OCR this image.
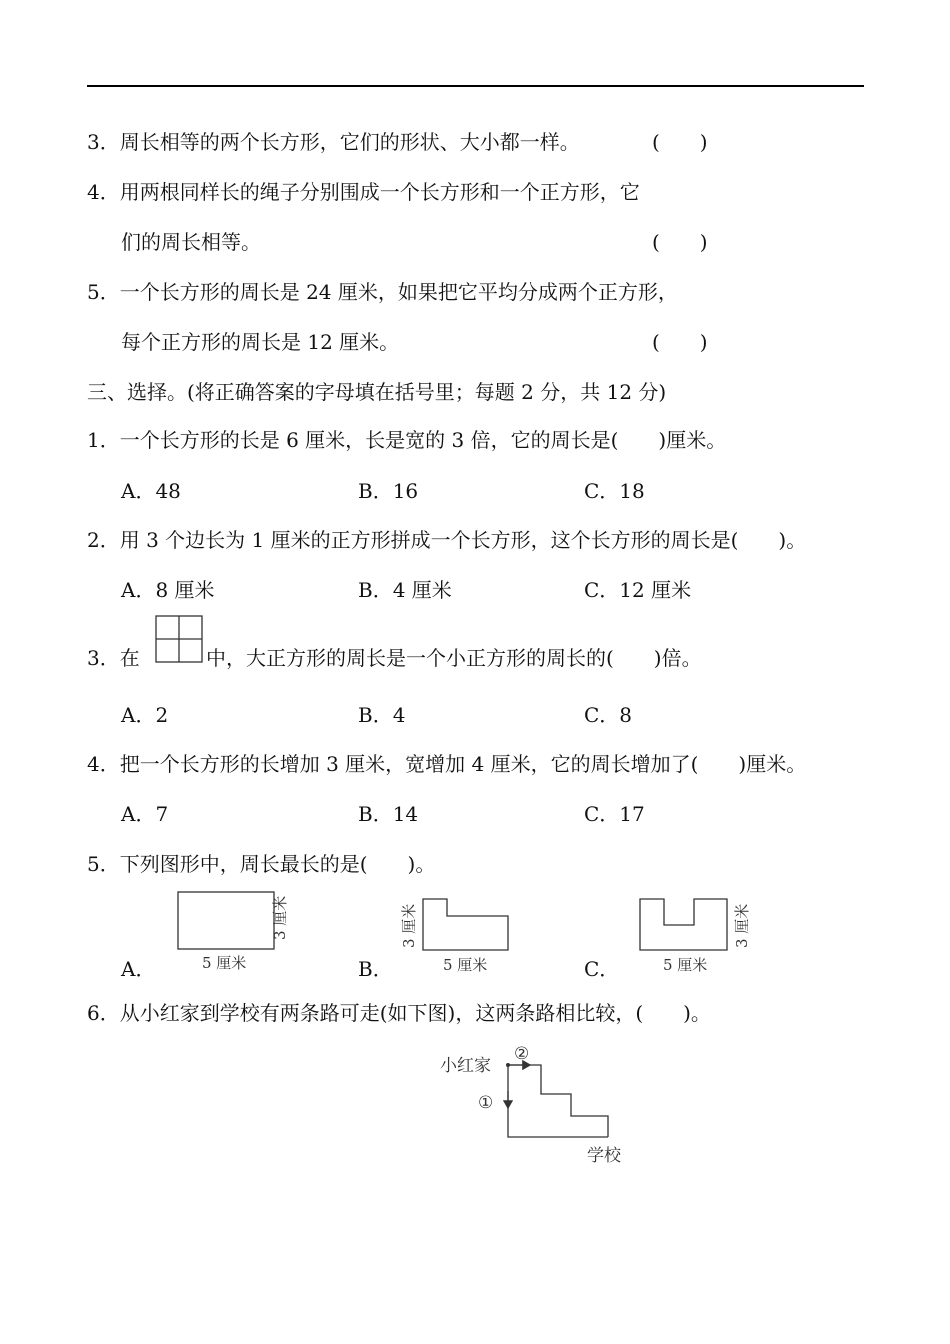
3．周长相等的两个长方形，它们的形状、大小都一样。	(　　)
4．用两根同样长的绳子分别围成一个长方形和一个正方形，它
们的周长相等。	(　　)
5．一个长方形的周长是 24 厘米，如果把它平均分成两个正方形，
每个正方形的周长是 12 厘米。	(　　)
三、选择。(将正确答案的字母填在括号里；每题 2 分，共 12 分)
1．一个长方形的长是 6 厘米，长是宽的 3 倍，它的周长是(　　)厘米。
A．48	B．16	C．18
2．用 3 个边长为 1 厘米的正方形拼成一个长方形，这个长方形的周长是(　　)。
A．8 厘米	B．4 厘米	C．12 厘米
3．在	中，大正方形的周长是一个小正方形的周长的(　　)倍。
A．2	B．4	C．8
4．把一个长方形的长增加 3 厘米，宽增加 4 厘米，它的周长增加了(　　)厘米。
A．7	B．14	C．17
5．下列图形中，周长最长的是(　　)。
A．	5 厘米
3 厘米
B．	5 厘米
3 厘米
C．	5 厘米
3 厘米
6．从小红家到学校有两条路可走(如下图)，这两条路相比较，(　　)。
小红家
②
①
学校
